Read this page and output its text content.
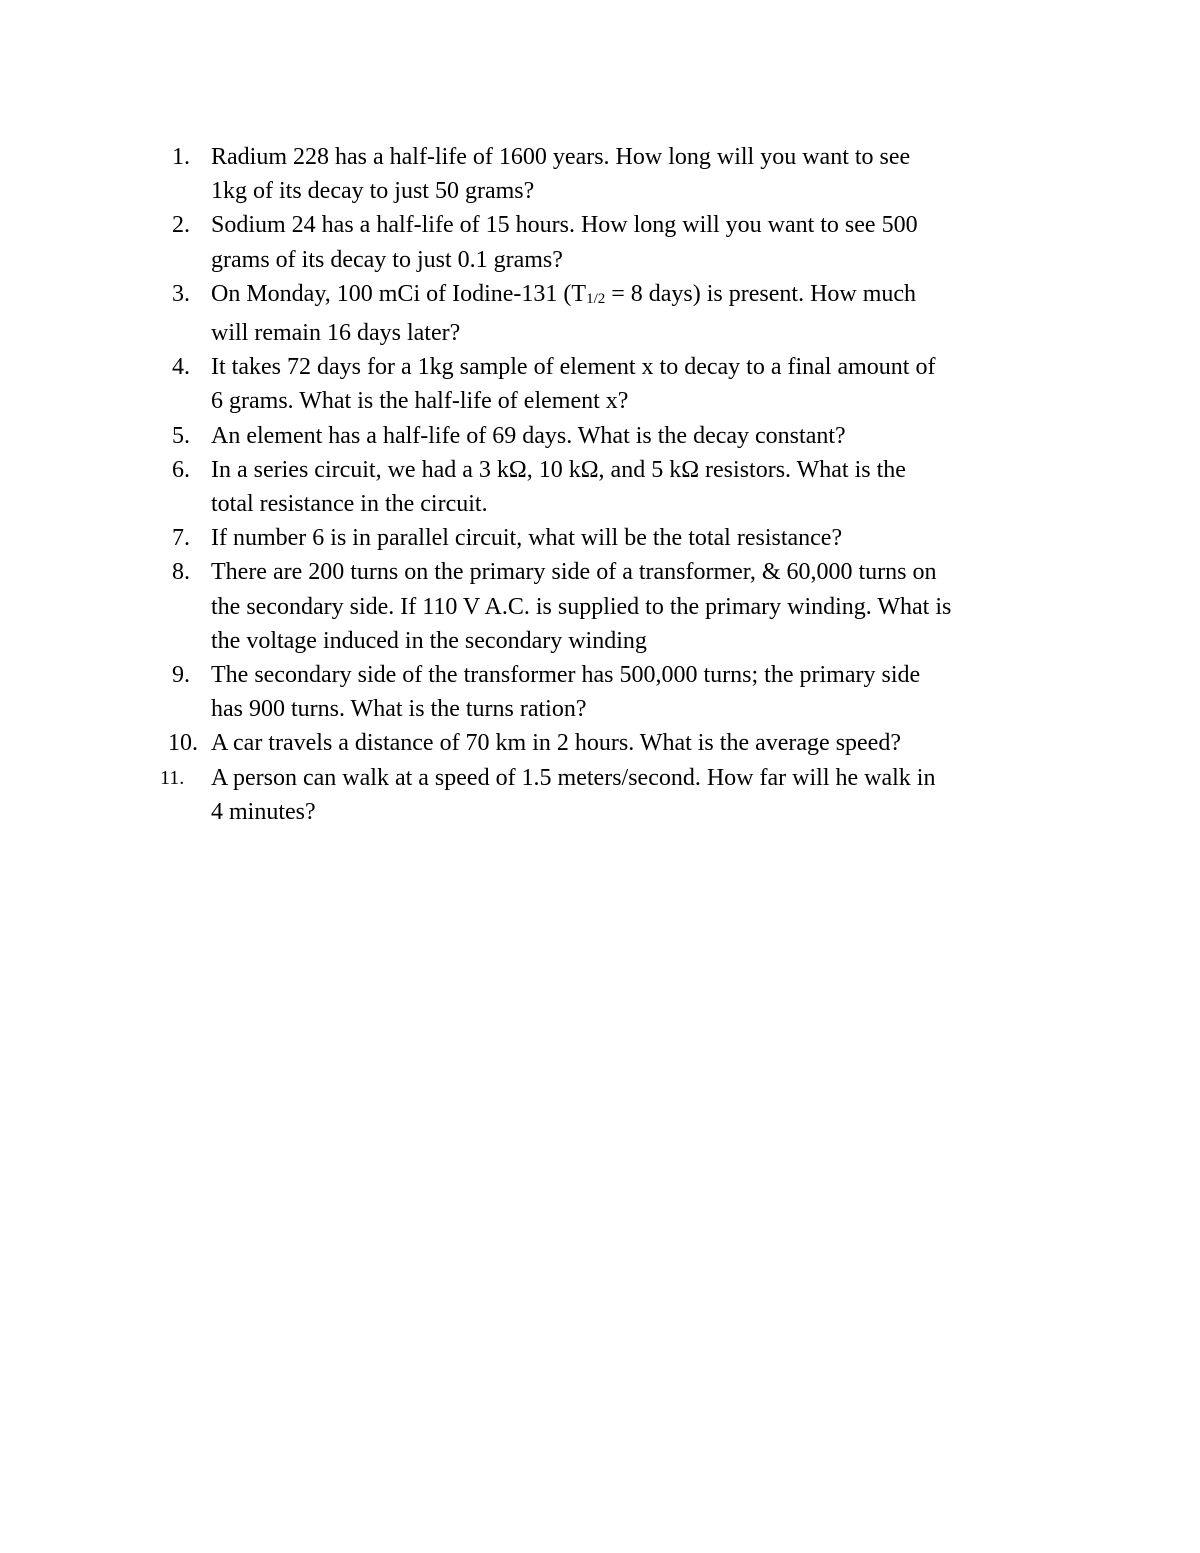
1. Radium 228 has a half-life of 1600 years. How long will you want to see
1kg of its decay to just 50 grams?
2. Sodium 24 has a half-life of 15 hours. How long will you want to see 500
grams of its decay to just 0.1 grams?
3. On Monday, 100 mCi of Iodine-131 ($T_{1/2} = 8$ days) is present. How much
will remain 16 days later?
4. It takes 72 days for a 1kg sample of element x to decay to a final amount of
6 grams. What is the half-life of element x?
5. An element has a half-life of 69 days. What is the decay constant?
6. In a series circuit, we had a 3 kΩ, 10 kΩ, and 5 kΩ resistors. What is the
total resistance in the circuit.
7. If number 6 is in parallel circuit, what will be the total resistance?
8. There are 200 turns on the primary side of a transformer, & 60,000 turns on
the secondary side. If 110 V A.C. is supplied to the primary winding. What is
the voltage induced in the secondary winding
9. The secondary side of the transformer has 500,000 turns; the primary side
has 900 turns. What is the turns ration?
10. A car travels a distance of 70 km in 2 hours. What is the average speed?
11.	A person can walk at a speed of 1.5 meters/second. How far will he walk in
4 minutes?
